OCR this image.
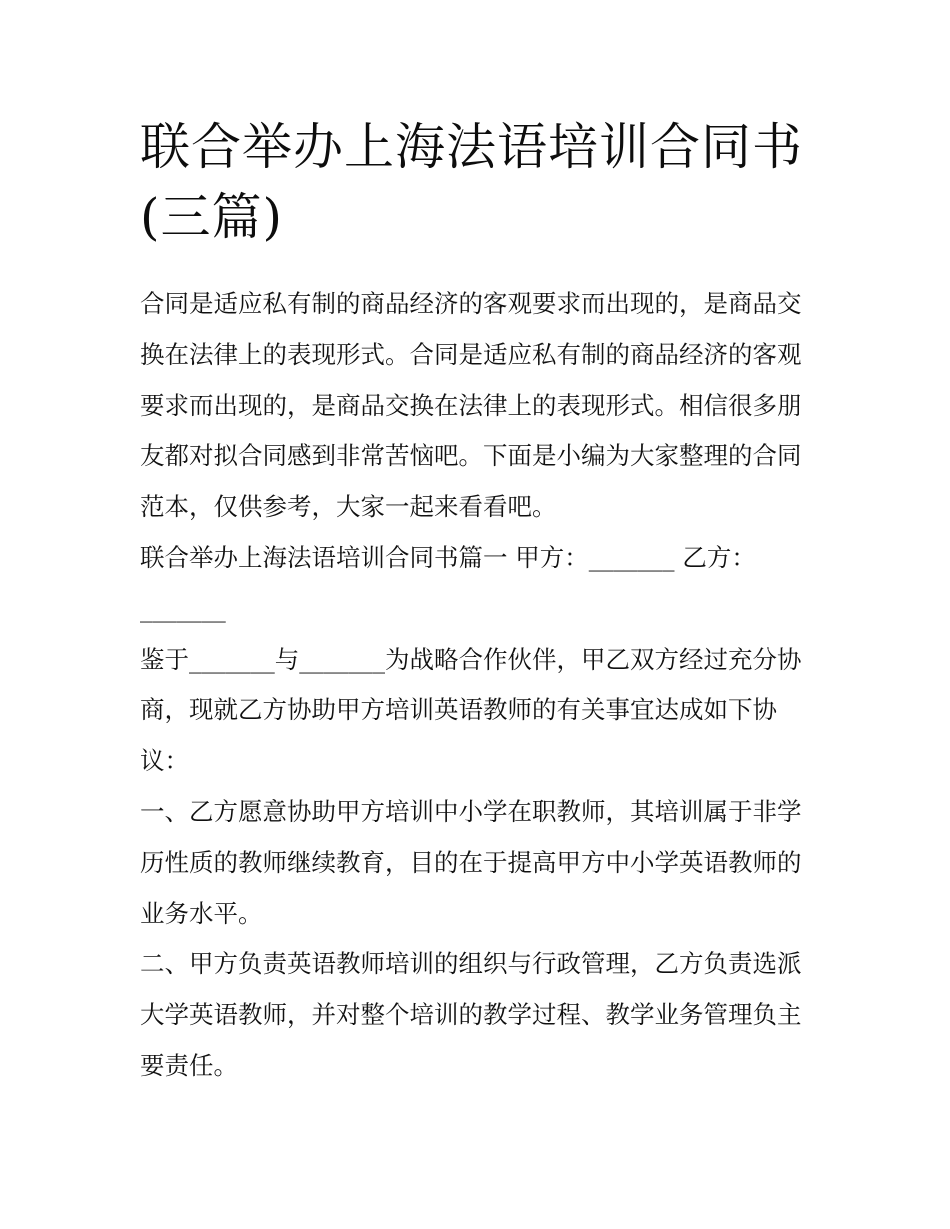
联合举办上海法语培训合同书(三篇)

合同是适应私有制的商品经济的客观要求而出现的，是商品交换在法律上的表现形式。合同是适应私有制的商品经济的客观要求而出现的，是商品交换在法律上的表现形式。相信很多朋友都对拟合同感到非常苦恼吧。下面是小编为大家整理的合同范本，仅供参考，大家一起来看看吧。

联合举办上海法语培训合同书篇一 甲方：_______ 乙方：_______

鉴于_______与_______为战略合作伙伴，甲乙双方经过充分协商，现就乙方协助甲方培训英语教师的有关事宜达成如下协议：

一、乙方愿意协助甲方培训中小学在职教师，其培训属于非学历性质的教师继续教育，目的在于提高甲方中小学英语教师的业务水平。

二、甲方负责英语教师培训的组织与行政管理，乙方负责选派大学英语教师，并对整个培训的教学过程、教学业务管理负主要责任。
